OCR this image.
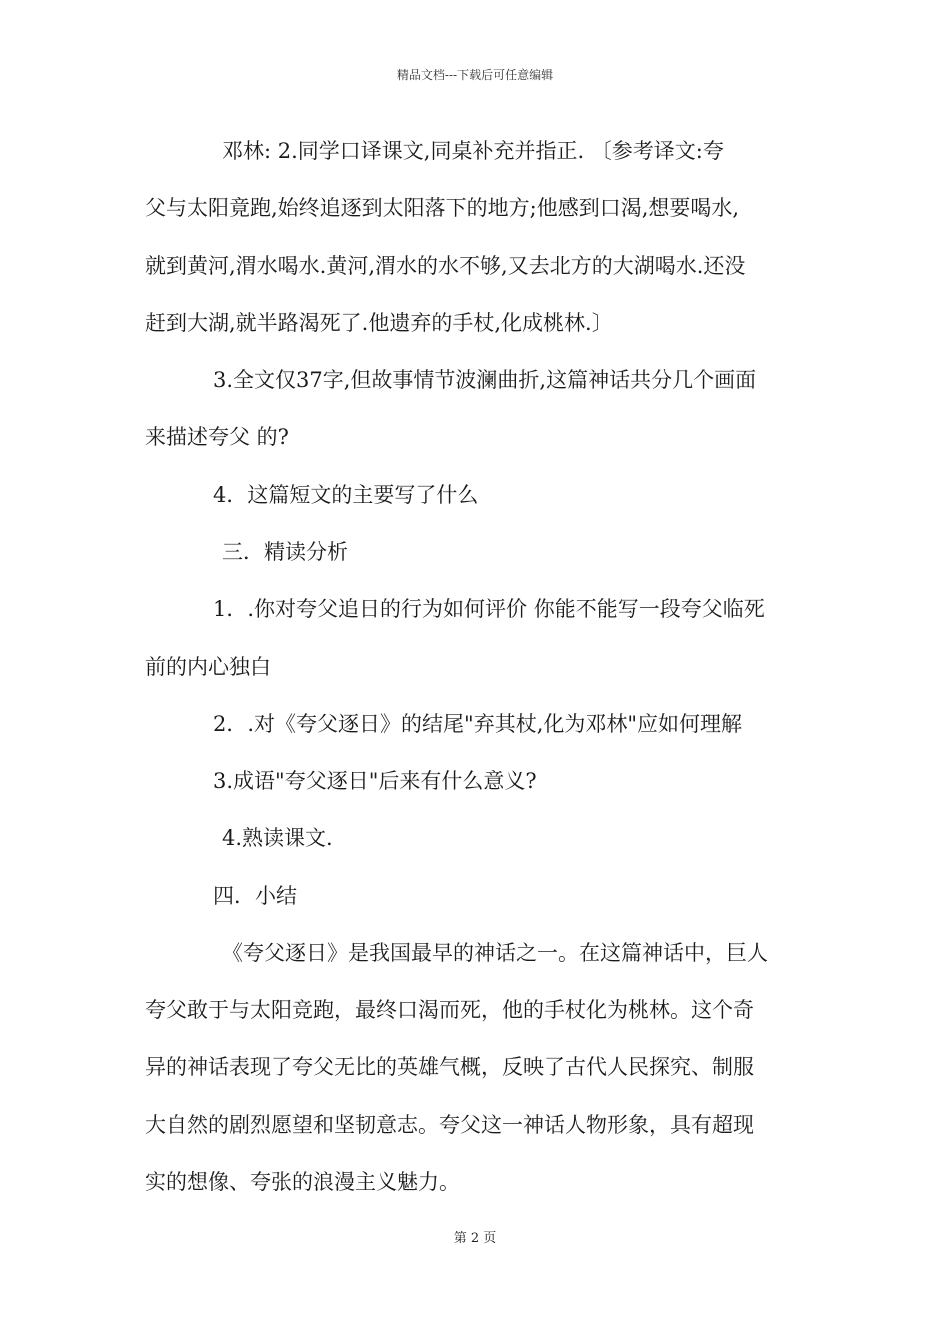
精品文档---下载后可任意编辑
邓林: 2.同学口译课文,同桌补充并指正. 〔参考译文:夸
父与太阳竟跑,始终追逐到太阳落下的地方;他感到口渴,想要喝水,
就到黄河,渭水喝水.黄河,渭水的水不够,又去北方的大湖喝水.还没
赶到大湖,就半路渴死了.他遗弃的手杖,化成桃林.〕
3.全文仅37字,但故事情节波澜曲折,这篇神话共分几个画面
来描述夸父 的?
4．这篇短文的主要写了什么
三．精读分析
1．.你对夸父追日的行为如何评价 你能不能写一段夸父临死
前的内心独白
2．.对《夸父逐日》的结尾"弃其杖,化为邓林"应如何理解
3.成语"夸父逐日"后来有什么意义?
4.熟读课文.
四．小结
《夸父逐日》是我国最早的神话之一。在这篇神话中，巨人
夸父敢于与太阳竞跑，最终口渴而死，他的手杖化为桃林。这个奇
异的神话表现了夸父无比的英雄气概，反映了古代人民探究、制服
大自然的剧烈愿望和坚韧意志。夸父这一神话人物形象，具有超现
实的想像、夸张的浪漫主义魅力。
第 2 页
